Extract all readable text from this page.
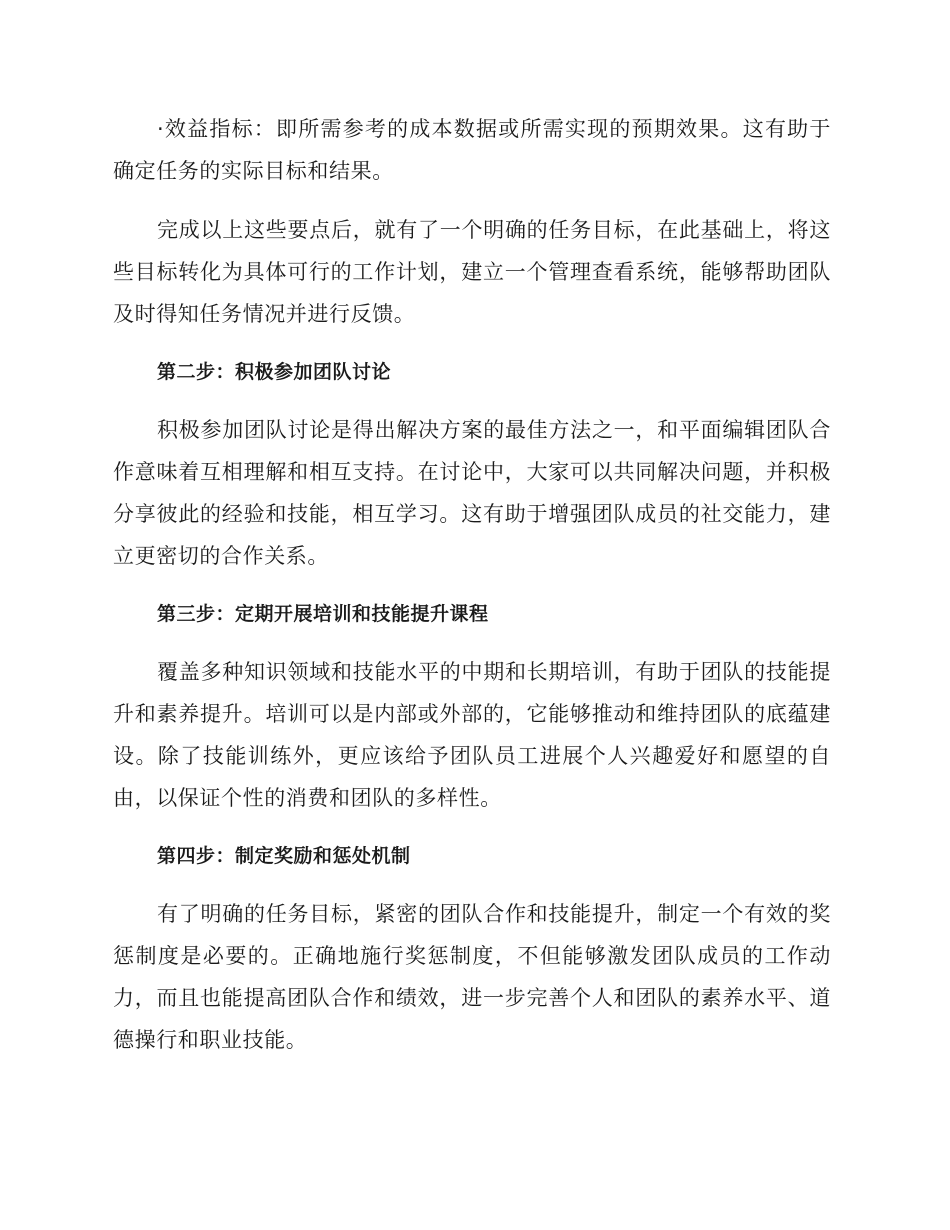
·效益指标：即所需参考的成本数据或所需实现的预期效果。这有助于确定任务的实际目标和结果。

完成以上这些要点后，就有了一个明确的任务目标，在此基础上，将这些目标转化为具体可行的工作计划，建立一个管理查看系统，能够帮助团队及时得知任务情况并进行反馈。

第二步：积极参加团队讨论

积极参加团队讨论是得出解决方案的最佳方法之一，和平面编辑团队合作意味着互相理解和相互支持。在讨论中，大家可以共同解决问题，并积极分享彼此的经验和技能，相互学习。这有助于增强团队成员的社交能力，建立更密切的合作关系。

第三步：定期开展培训和技能提升课程

覆盖多种知识领域和技能水平的中期和长期培训，有助于团队的技能提升和素养提升。培训可以是内部或外部的，它能够推动和维持团队的底蕴建设。除了技能训练外，更应该给予团队员工进展个人兴趣爱好和愿望的自由，以保证个性的消费和团队的多样性。

第四步：制定奖励和惩处机制

有了明确的任务目标，紧密的团队合作和技能提升，制定一个有效的奖惩制度是必要的。正确地施行奖惩制度，不但能够激发团队成员的工作动力，而且也能提高团队合作和绩效，进一步完善个人和团队的素养水平、道德操行和职业技能。
